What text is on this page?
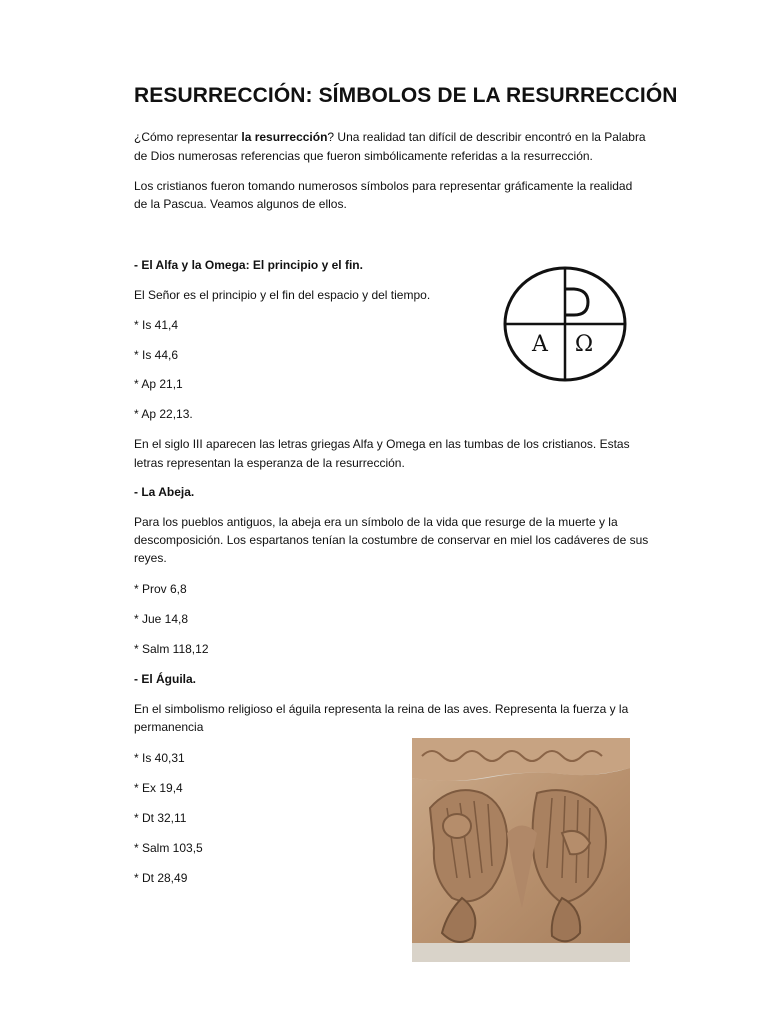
RESURRECCIÓN: SÍMBOLOS DE LA RESURRECCIÓN

¿Cómo representar la resurrección? Una realidad tan difícil de describir encontró en la Palabra

de Dios numerosas referencias que fueron simbólicamente referidas a la resurrección.

Los cristianos fueron tomando numerosos símbolos para representar gráficamente la realidad

de la Pascua. Veamos algunos de ellos.

- El Alfa y la Omega: El principio y el fin.

El Señor es el principio y el fin del espacio y del tiempo.

* Is 41,4

* Is 44,6

* Ap 21,1

* Ap 22,13.

En el siglo III aparecen las letras griegas Alfa y Omega en las tumbas de los cristianos. Estas

letras representan la esperanza de la resurrección.

A Ω

- La Abeja.

Para los pueblos antiguos, la abeja era un símbolo de la vida que resurge de la muerte y la

descomposición. Los espartanos tenían la costumbre de conservar en miel los cadáveres de sus

reyes.

* Prov 6,8

* Jue 14,8

* Salm 118,12

- El Águila.

En el simbolismo religioso el águila representa la reina de las aves. Representa la fuerza y la

permanencia

* Is 40,31

* Ex 19,4

* Dt 32,11

* Salm 103,5

* Dt 28,49
